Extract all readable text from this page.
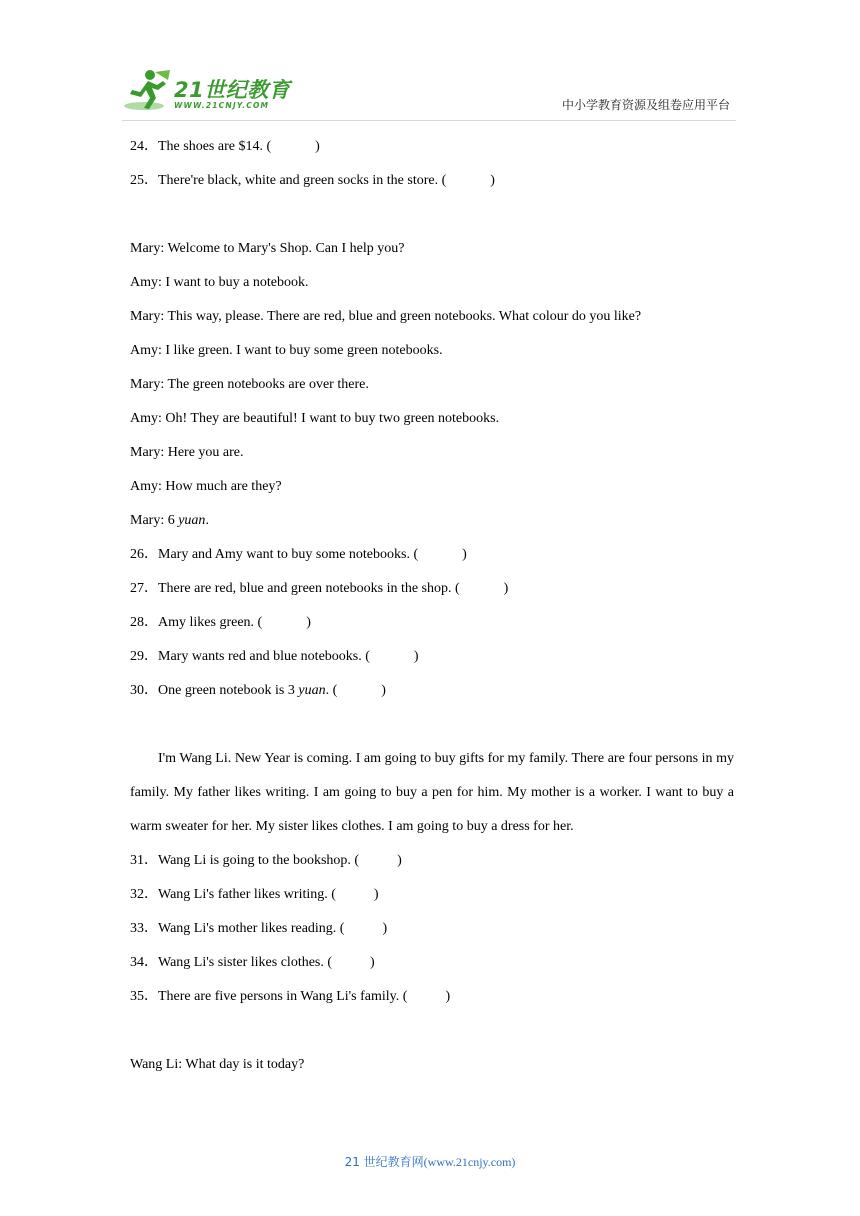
21世纪教育
WWW.21CNJY.COM	中小学教育资源及组卷应用平台
24．The shoes are $14. (	)
25．There're black, white and green socks in the store. (	)
Mary: Welcome to Mary's Shop. Can I help you?
Amy: I want to buy a notebook.
Mary: This way, please. There are red, blue and green notebooks. What colour do you like?
Amy: I like green. I want to buy some green notebooks.
Mary: The green notebooks are over there.
Amy: Oh! They are beautiful! I want to buy two green notebooks.
Mary: Here you are.
Amy: How much are they?
Mary: 6 yuan.
26．Mary and Amy want to buy some notebooks. (	)
27．There are red, blue and green notebooks in the shop. (	)
28．Amy likes green. (	)
29．Mary wants red and blue notebooks. (	)
30．One green notebook is 3 yuan. (	)

I'm Wang Li. New Year is coming. I am going to buy gifts for my family. There are four persons in my family. My father likes writing. I am going to buy a pen for him. My mother is a worker. I want to buy a warm sweater for her. My sister likes clothes. I am going to buy a dress for her.

31．Wang Li is going to the bookshop. (	)
32．Wang Li's father likes writing. (	)
33．Wang Li's mother likes reading. (	)
34．Wang Li's sister likes clothes. (	)
35．There are five persons in Wang Li's family. (	)
Wang Li: What day is it today?
21 世纪教育网(www.21cnjy.com)
